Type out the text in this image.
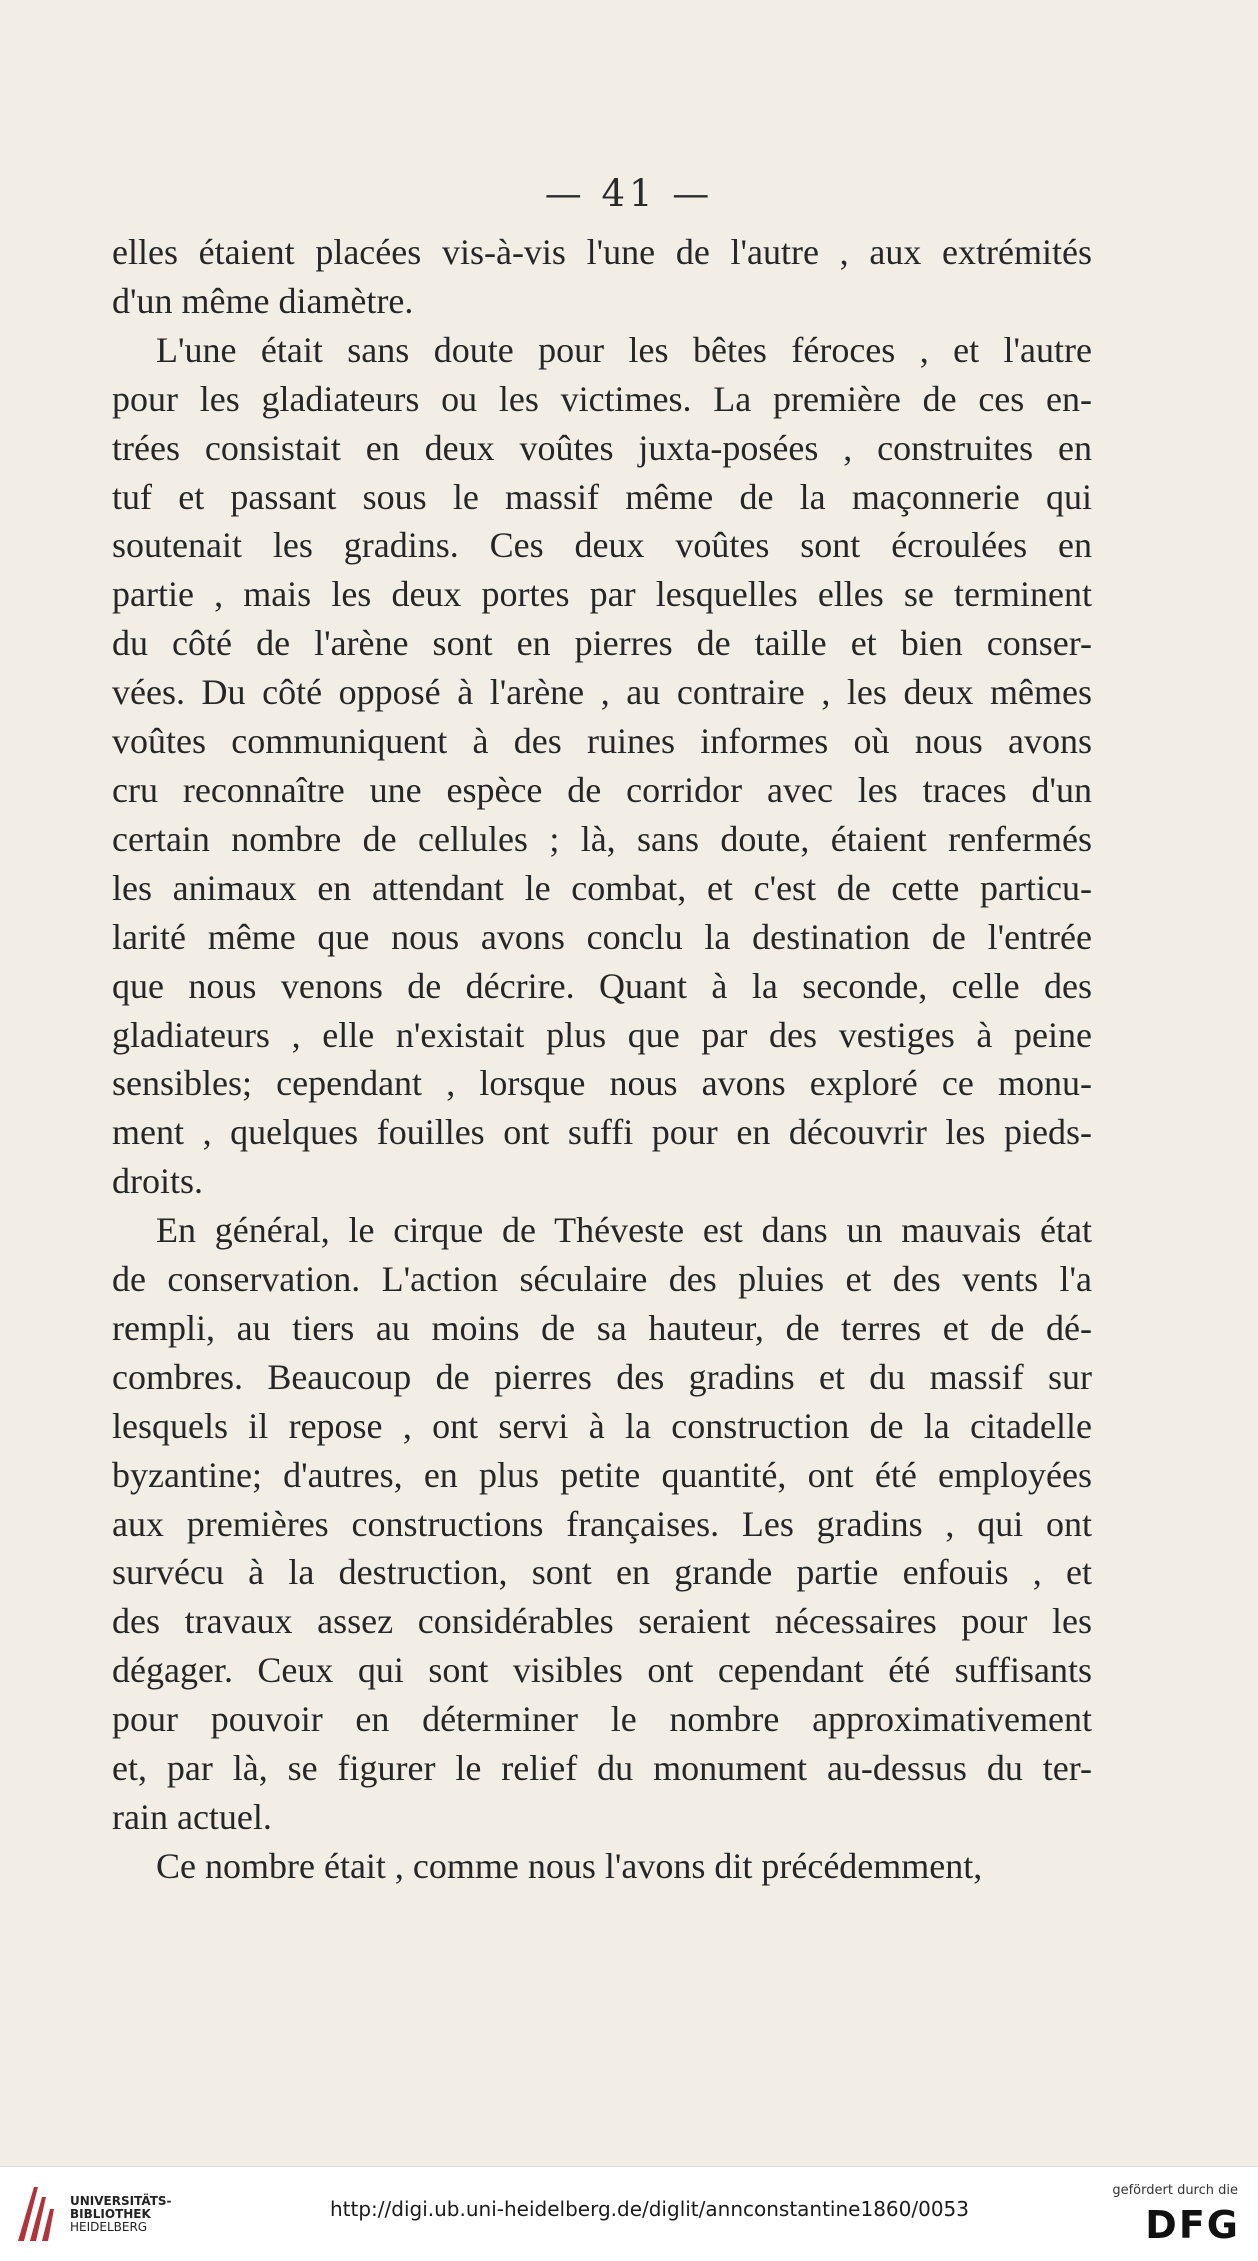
— 41 —
elles étaient placées vis-à-vis l'une de l'autre , aux extrémités
d'un même diamètre.
L'une était sans doute pour les bêtes féroces , et l'autre
pour les gladiateurs ou les victimes. La première de ces en-
trées consistait en deux voûtes juxta-posées , construites en
tuf et passant sous le massif même de la maçonnerie qui
soutenait les gradins. Ces deux voûtes sont écroulées en
partie , mais les deux portes par lesquelles elles se terminent
du côté de l'arène sont en pierres de taille et bien conser-
vées. Du côté opposé à l'arène , au contraire , les deux mêmes
voûtes communiquent à des ruines informes où nous avons
cru reconnaître une espèce de corridor avec les traces d'un
certain nombre de cellules ; là, sans doute, étaient renfermés
les animaux en attendant le combat, et c'est de cette particu-
larité même que nous avons conclu la destination de l'entrée
que nous venons de décrire. Quant à la seconde, celle des
gladiateurs , elle n'existait plus que par des vestiges à peine
sensibles; cependant , lorsque nous avons exploré ce monu-
ment , quelques fouilles ont suffi pour en découvrir les pieds-
droits.
En général, le cirque de Théveste est dans un mauvais état
de conservation. L'action séculaire des pluies et des vents l'a
rempli, au tiers au moins de sa hauteur, de terres et de dé-
combres. Beaucoup de pierres des gradins et du massif sur
lesquels il repose , ont servi à la construction de la citadelle
byzantine; d'autres, en plus petite quantité, ont été employées
aux premières constructions françaises. Les gradins , qui ont
survécu à la destruction, sont en grande partie enfouis , et
des travaux assez considérables seraient nécessaires pour les
dégager. Ceux qui sont visibles ont cependant été suffisants
pour pouvoir en déterminer le nombre approximativement
et, par là, se figurer le relief du monument au-dessus du ter-
rain actuel.
Ce nombre était , comme nous l'avons dit précédemment,
UNIVERSITÄTS-
BIBLIOTHEK
HEIDELBERG
http://digi.ub.uni-heidelberg.de/diglit/annconstantine1860/0053
gefördert durch die
DFG
